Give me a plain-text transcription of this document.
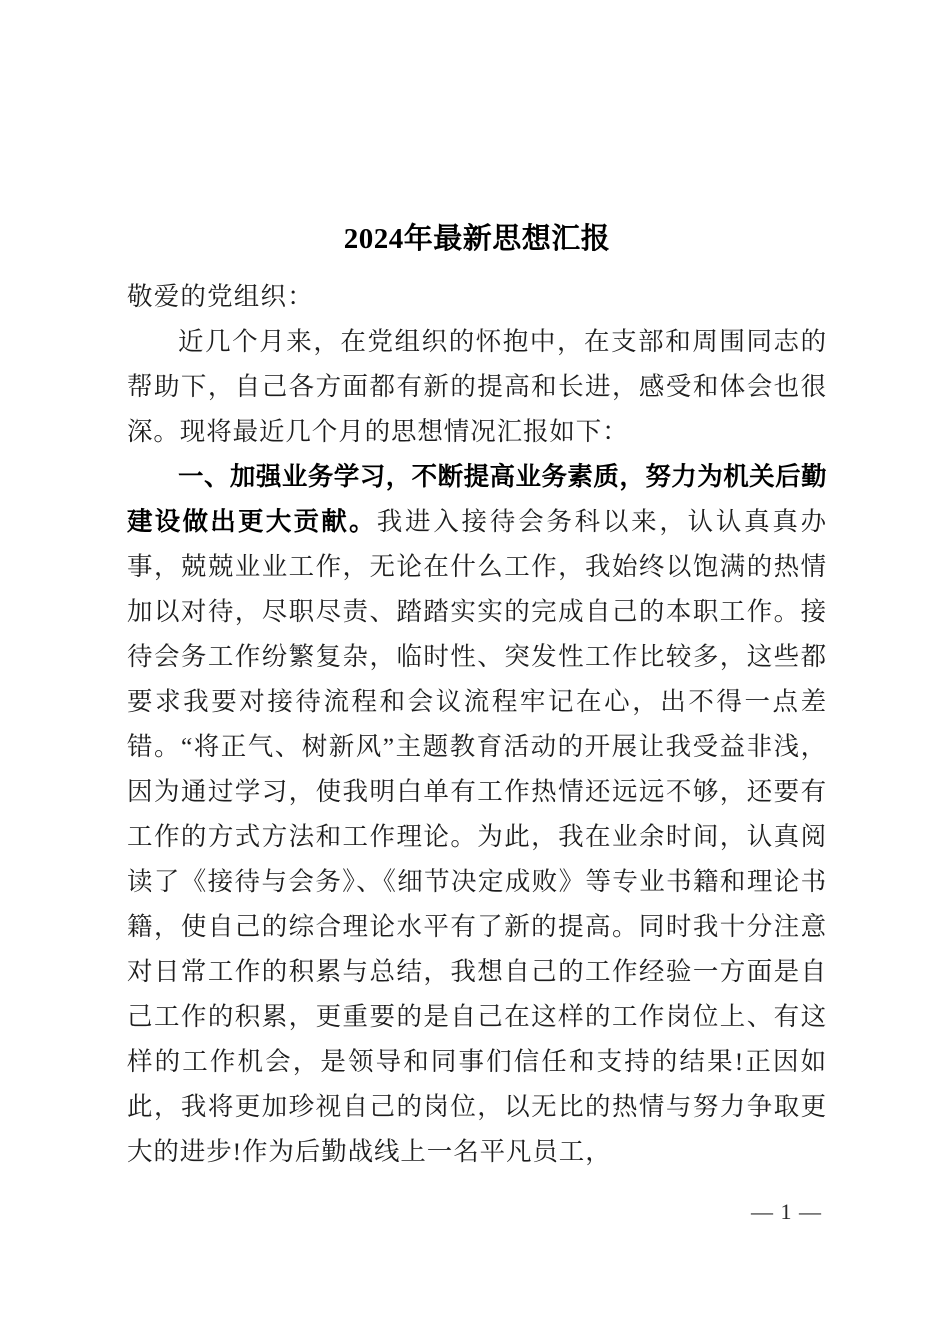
2024年最新思想汇报

敬爱的党组织：

近几个月来，在党组织的怀抱中，在支部和周围同志的帮助下，自己各方面都有新的提高和长进，感受和体会也很深。现将最近几个月的思想情况汇报如下：

一、加强业务学习，不断提高业务素质，努力为机关后勤建设做出更大贡献。我进入接待会务科以来，认认真真办事，兢兢业业工作，无论在什么工作，我始终以饱满的热情加以对待，尽职尽责、踏踏实实的完成自己的本职工作。接待会务工作纷繁复杂，临时性、突发性工作比较多，这些都要求我要对接待流程和会议流程牢记在心，出不得一点差错。“将正气、树新风”主题教育活动的开展让我受益非浅，因为通过学习，使我明白单有工作热情还远远不够，还要有工作的方式方法和工作理论。为此，我在业余时间，认真阅读了《接待与会务》、《细节决定成败》等专业书籍和理论书籍，使自己的综合理论水平有了新的提高。同时我十分注意对日常工作的积累与总结，我想自己的工作经验一方面是自己工作的积累，更重要的是自己在这样的工作岗位上、有这样的工作机会，是领导和同事们信任和支持的结果!正因如此，我将更加珍视自己的岗位，以无比的热情与努力争取更大的进步!作为后勤战线上一名平凡员工，

— 1 —
